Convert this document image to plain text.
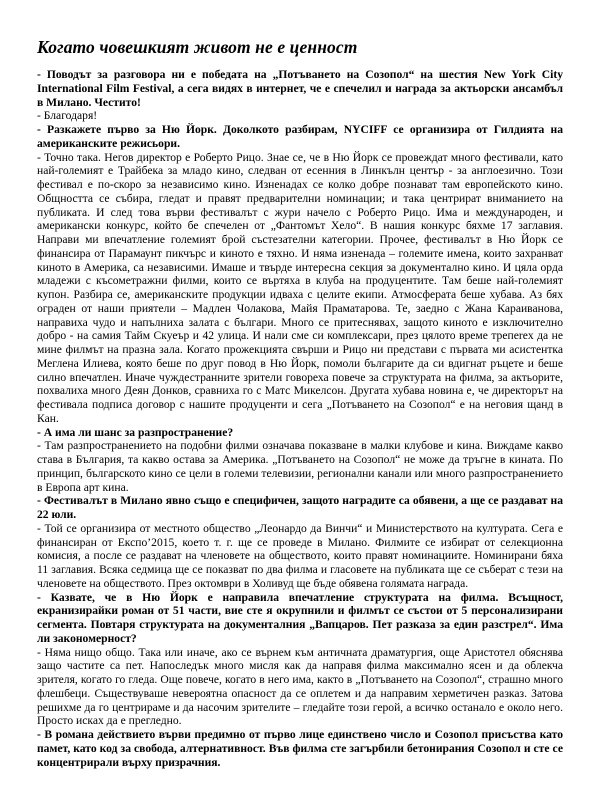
Когато човешкият живот не е ценност

- Поводът за разговора ни е победата на „Потъването на Созопол“ на шестия New York City International Film Festival, а сега видях в интернет, че е спечелил и награда за актьорски ансамбъл в Милано. Честито!

- Благодаря!

- Разкажете първо за Ню Йорк. Доколкото разбирам, NYCIFF се организира от Гилдията на американските режисьори.

- Точно така. Негов директор е Роберто Рицо. Знае се, че в Ню Йорк се провеждат много фестивали, като най-големият е Трайбека за младо кино, следван от есенния в Линкълн център - за англоезично. Този фестивал е по-скоро за независимо кино. Изненадах се колко добре познават там европейското кино. Общността се събира, гледат и правят предварителни номинации; и така центрират вниманието на публиката. И след това върви фестивалът с жури начело с Роберто Рицо. Има и международен, и американски конкурс, който бе спечелен от „Фантомът Хело“. В нашия конкурс бяхме 17 заглавия. Направи ми впечатление големият брой състезателни категории. Прочее, фестивалът в Ню Йорк се финансира от Парамаунт пикчърс и киното е тяхно. И няма изненада – големите имена, които захранват киното в Америка, са независими. Имаше и твърде интересна секция за документално кино. И цяла орда младежи с късометражни филми, които се въртяха в клуба на продуцентите. Там беше най-големият купон. Разбира се, американските продукции идваха с целите екипи. Атмосферата беше хубава. Аз бях ограден от наши приятели – Мадлен Чолакова, Майя Праматарова. Те, заедно с Жана Караиванова, направиха чудо и напълниха залата с българи. Много се притеснявах, защото киното е изключително добро - на самия Тайм Скуеър и 42 улица. И нали сме си комплексари, през цялото време трепerex да не мине филмът на празна зала. Когато прожекцията свърши и Рицо ни представи с първата ми асистентка Меглена Илиева, която беше по друг повод в Ню Йорк, помоли българите да си вдигнат ръцете и беше силно впечатлен. Иначе чуждестранните зрители говореха повече за структурата на филма, за актьорите, похвалиха много Деян Донков, сравниха го с Матс Микелсон. Другата хубава новина е, че директорът на фестивала подписа договор с нашите продуценти и сега „Потъването на Созопол“ е на неговия щанд в Кан.

- А има ли шанс за разпространение?

- Там разпространението на подобни филми означава показване в малки клубове и кина. Виждаме какво става в България, та какво остава за Америка. „Потъването на Созопол“ не може да тръгне в кината. По принцип, българското кино се цели в големи телевизии, регионални канали или много разпространението в Европа арт кина.

- Фестивалът в Милано явно също е специфичен, защото наградите са обявени, а ще се раздават на 22 юли.

- Той се организира от местното общество „Леонардо да Винчи“ и Министерството на културата. Сега е финансиран от Експо’2015, което т. г. ще се проведе в Милано. Филмите се избират от селекционна комисия, а после се раздават на членовете на обществото, които правят номинациите. Номинирани бяха 11 заглавия. Всяка седмица ще се показват по два филма и гласовете на публиката ще се съберат с тези на членовете на обществото. През октомври в Холивуд ще бъде обявена голямата награда.

- Казвате, че в Ню Йорк е направила впечатление структурата на филма. Всъщност, екранизирайки роман от 51 части, вие сте я окрупнили и филмът се състои от 5 персонализирани сегмента. Повтаря структурата на документалния „Вапцаров. Пет разказа за един разстрел“. Има ли закономерност?

- Няма нищо общо. Така или иначе, ако се върнем към античната драматургия, още Аристотел обяснява защо частите са пет. Напоследък много мисля как да направя филма максимално ясен и да облекча зрителя, когато го гледа. Още повече, когато в него има, както в „Потъването на Созопол“, страшно много флешбеци. Съществуваше невероятна опасност да се оплетем и да направим херметичен разказ. Затова решихме да го центрираме и да насочим зрителите – гледайте този герой, а всичко останало е около него. Просто исках да е прегледно.

- В романа действието върви предимно от първо лице единствено число и Созопол присъства като памет, като код за свобода, алтернативност. Във филма сте загърбили бетонирания Созопол и сте се концентрирали върху призрачния.
